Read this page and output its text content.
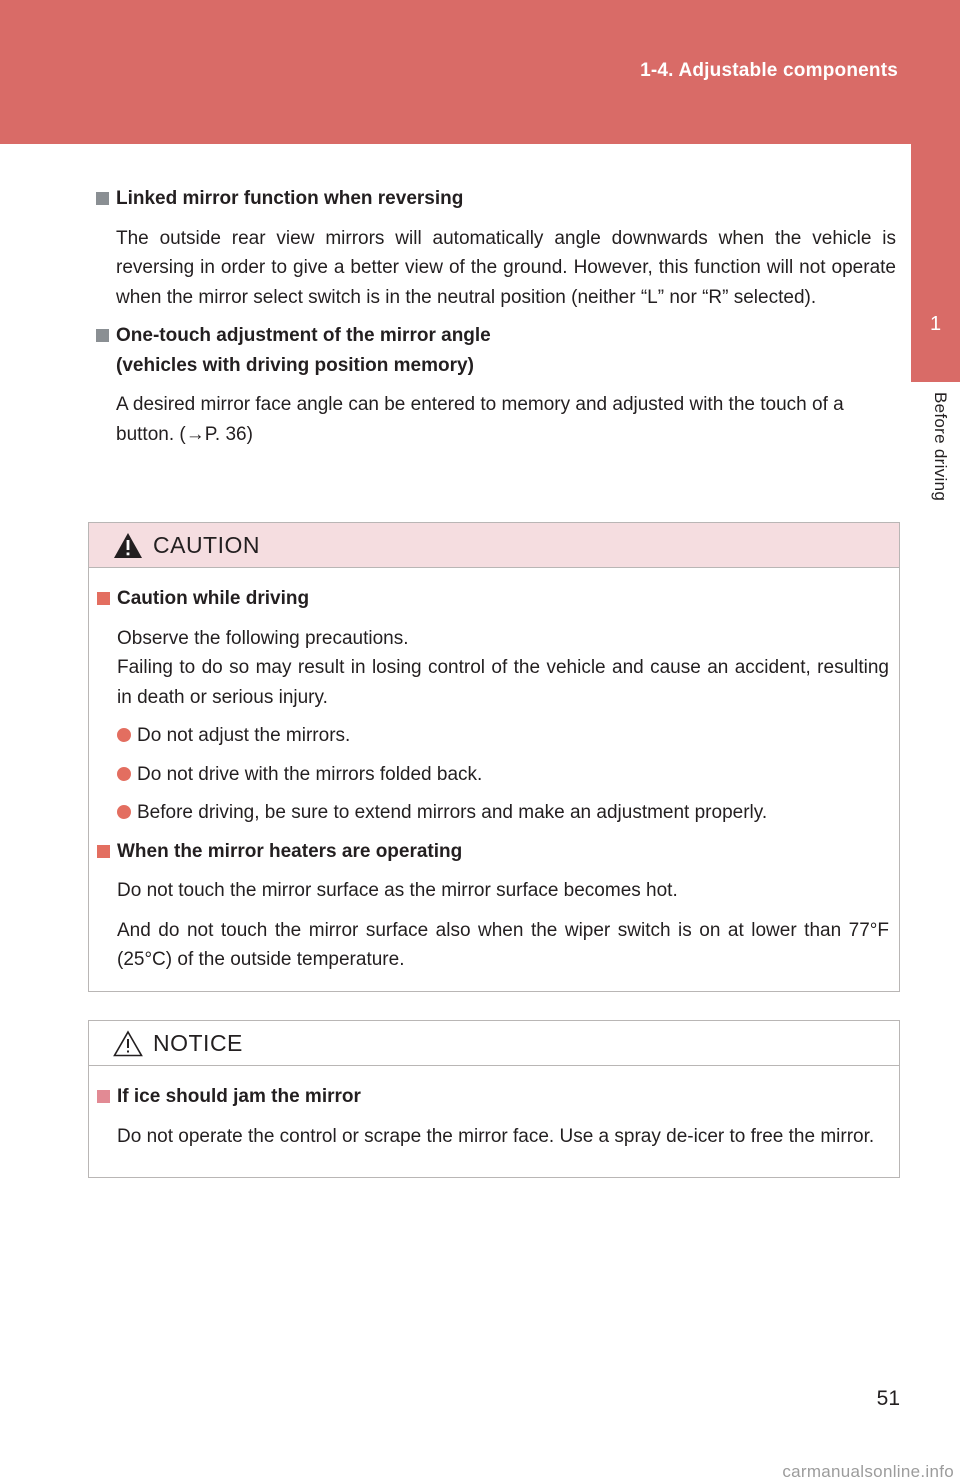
1-4. Adjustable components
1
Before driving
Linked mirror function when reversing
The outside rear view mirrors will automatically angle downwards when the vehicle is reversing in order to give a better view of the ground. However, this function will not operate when the mirror select switch is in the neutral position (neither “L” nor “R” selected).
One-touch adjustment of the mirror angle
(vehicles with driving position memory)
A desired mirror face angle can be entered to memory and adjusted with the touch of a button. (→P. 36)
CAUTION
Caution while driving
Observe the following precautions.
Failing to do so may result in losing control of the vehicle and cause an accident, resulting in death or serious injury.
Do not adjust the mirrors.
Do not drive with the mirrors folded back.
Before driving, be sure to extend mirrors and make an adjustment properly.
When the mirror heaters are operating
Do not touch the mirror surface as the mirror surface becomes hot.
And do not touch the mirror surface also when the wiper switch is on at lower than 77°F (25°C) of the outside temperature.
NOTICE
If ice should jam the mirror
Do not operate the control or scrape the mirror face. Use a spray de-icer to free the mirror.
51
carmanualsonline.info
